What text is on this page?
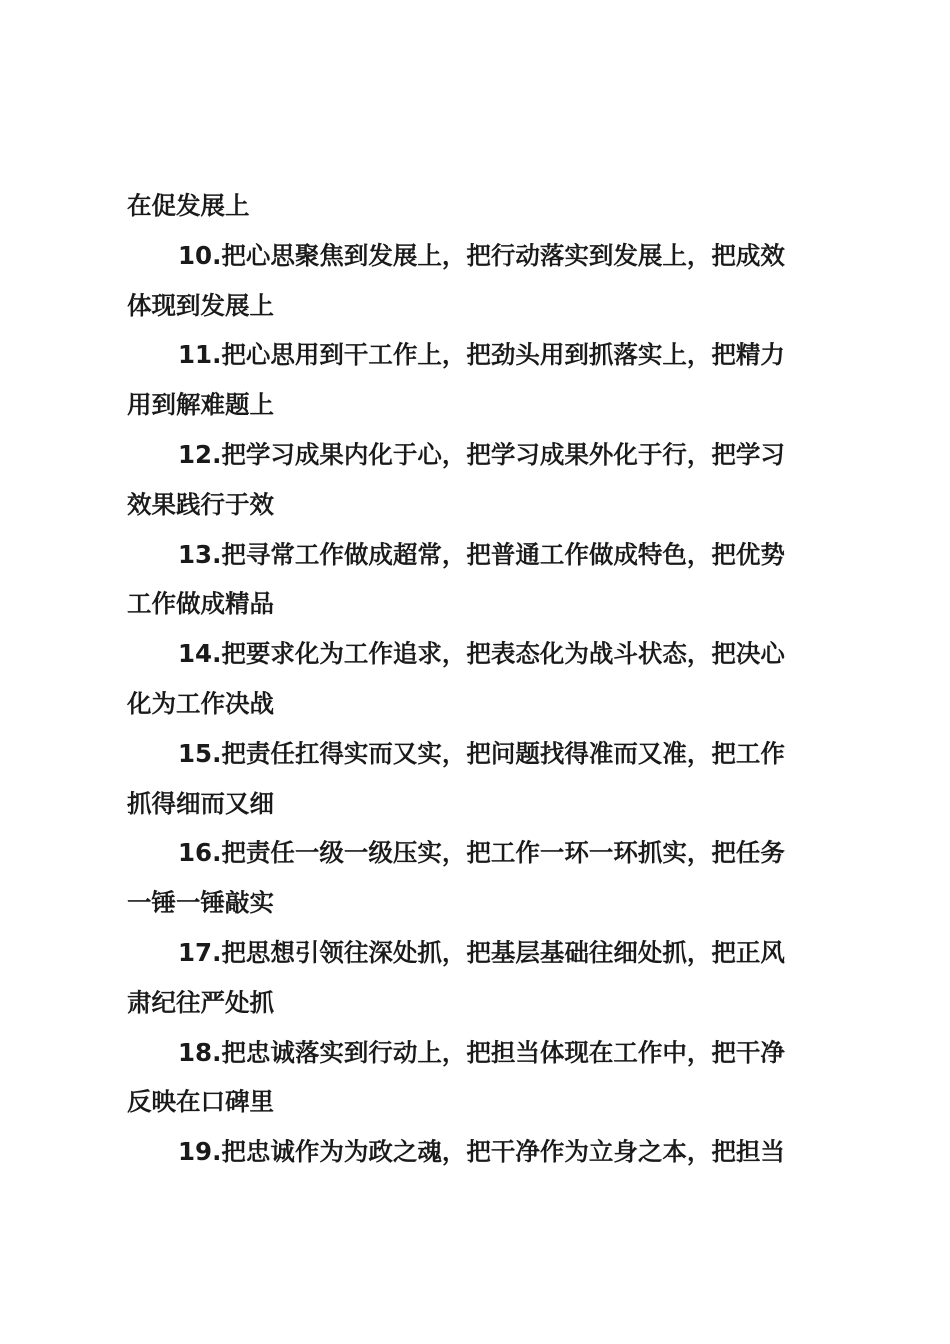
在促发展上
10.把心思聚焦到发展上，把行动落实到发展上，把成效
体现到发展上
11.把心思用到干工作上，把劲头用到抓落实上，把精力
用到解难题上
12.把学习成果内化于心，把学习成果外化于行，把学习
效果践行于效
13.把寻常工作做成超常，把普通工作做成特色，把优势
工作做成精品
14.把要求化为工作追求，把表态化为战斗状态，把决心
化为工作决战
15.把责任扛得实而又实，把问题找得准而又准，把工作
抓得细而又细
16.把责任一级一级压实，把工作一环一环抓实，把任务
一锤一锤敲实
17.把思想引领往深处抓，把基层基础往细处抓，把正风
肃纪往严处抓
18.把忠诚落实到行动上，把担当体现在工作中，把干净
反映在口碑里
19.把忠诚作为为政之魂，把干净作为立身之本，把担当
